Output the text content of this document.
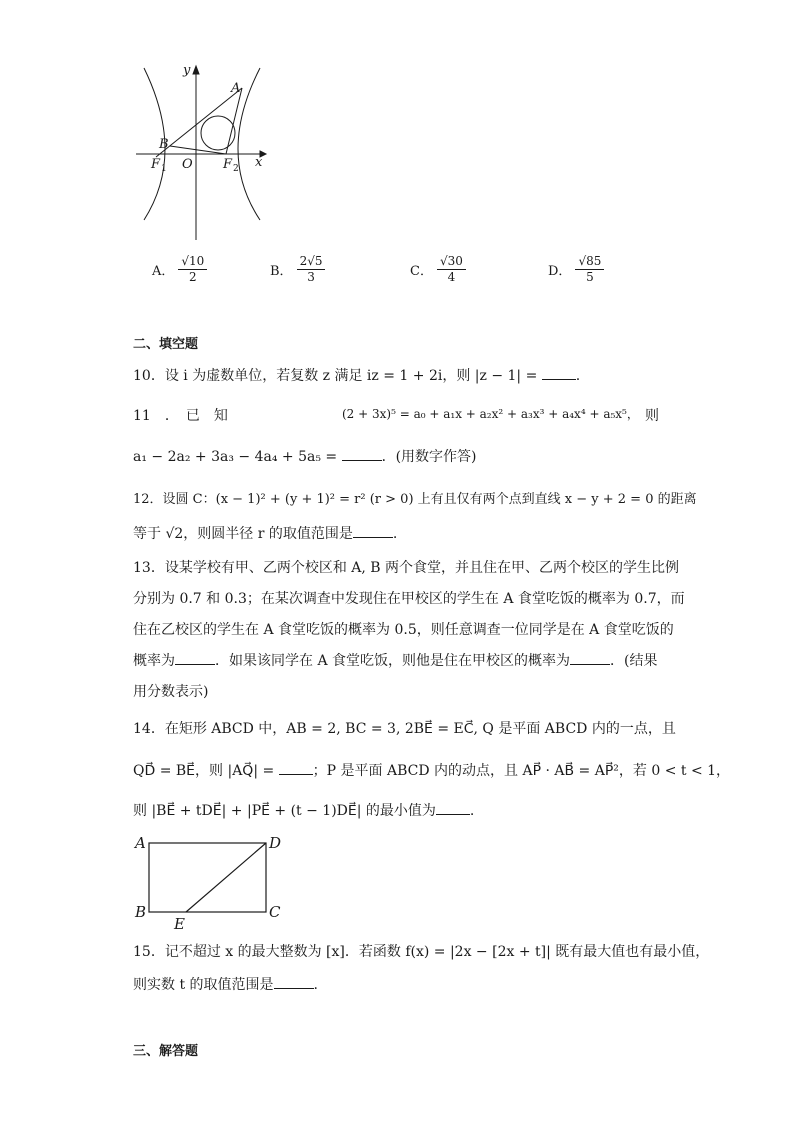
y
x
A
B
O
F 1	F 2
A． $\frac{√10}{2}$	B． $\frac{2√5}{3}$	C． $\frac{√30}{4}$	D． $\frac{√85}{5}$
二、填空题
10．设 i 为虚数单位，若复数 z 满足 iz = 1 + 2i，则 |z − 1| = .
11　．　已　知	(2 + 3x)⁵ = a₀ + a₁x + a₂x² + a₃x³ + a₄x⁴ + a₅x⁵， 则
a₁ − 2a₂ + 3a₃ − 4a₄ + 5a₅ =	．(用数字作答)
12．设圆 C：(x − 1)² + (y + 1)² = r² (r > 0) 上有且仅有两个点到直线 x − y + 2 = 0 的距离
等于 √2，则圆半径 r 的取值范围是	.
13．设某学校有甲、乙两个校区和 A, B 两个食堂，并且住在甲、乙两个校区的学生比例
分别为 0.7 和 0.3；在某次调查中发现住在甲校区的学生在 A 食堂吃饭的概率为 0.7，而
住在乙校区的学生在 A 食堂吃饭的概率为 0.5，则任意调查一位同学是在 A 食堂吃饭的
概率为	．如果该同学在 A 食堂吃饭，则他是住在甲校区的概率为	．(结果
用分数表示)
14．在矩形 ABCD 中，AB = 2, BC = 3, 2BE⃗ = EC⃗, Q 是平面 ABCD 内的一点，且
QD⃗ = BE⃗，则 |AQ⃗| = ；P 是平面 ABCD 内的动点，且 AP⃗ · AB⃗ = AP⃗²，若 0 < t < 1，
则 |BE⃗ + tDE⃗| + |PE⃗ + (t − 1)DE⃗| 的最小值为 .
A	D
B
E
C
15．记不超过 x 的最大整数为 [x]．若函数 f(x) = |2x − [2x + t]| 既有最大值也有最小值，
则实数 t 的取值范围是	.
三、解答题
